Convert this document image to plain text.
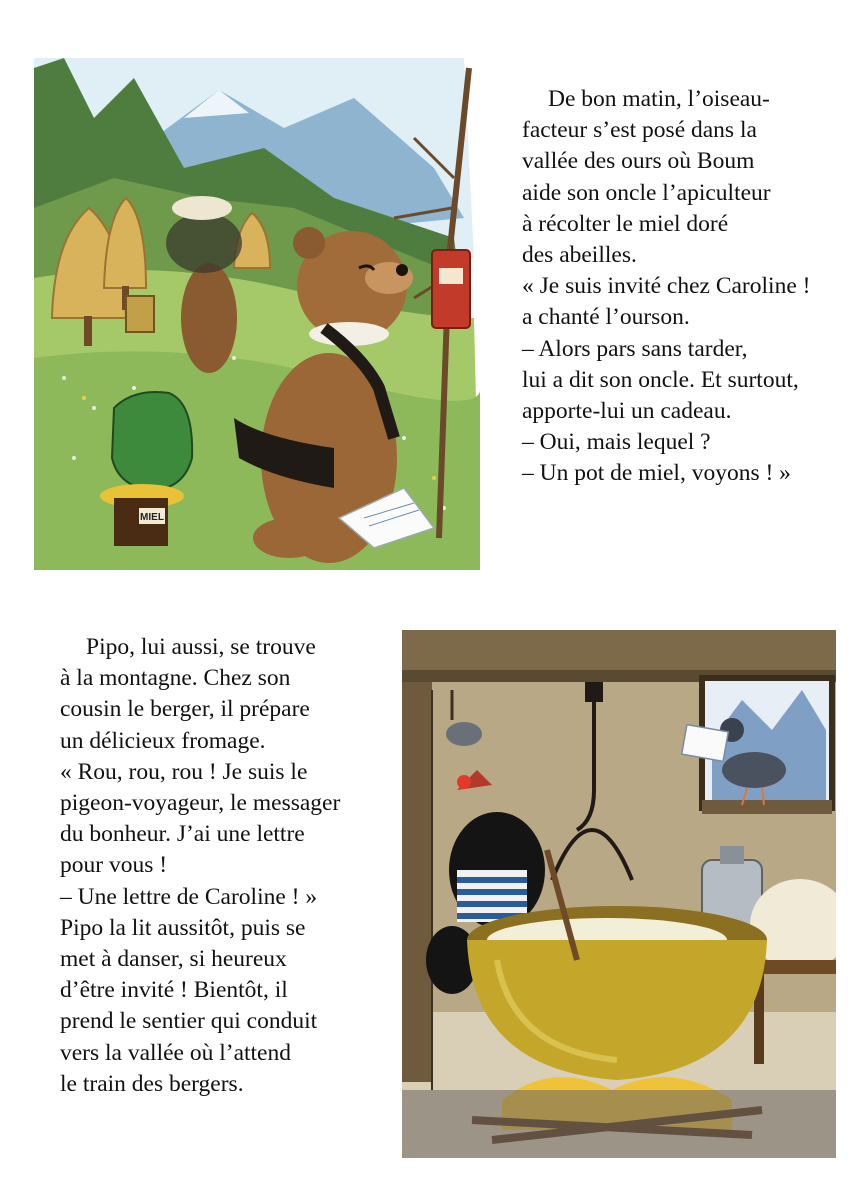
MIEL
De bon matin, l’oiseau-
facteur s’est posé dans la
vallée des ours où Boum
aide son oncle l’apiculteur
à récolter le miel doré
des abeilles.
« Je suis invité chez Caroline !
a chanté l’ourson.
– Alors pars sans tarder,
lui a dit son oncle. Et surtout,
apporte-lui un cadeau.
– Oui, mais lequel ?
– Un pot de miel, voyons ! »
Pipo, lui aussi, se trouve
à la montagne. Chez son
cousin le berger, il prépare
un délicieux fromage.
« Rou, rou, rou ! Je suis le
pigeon-voyageur, le messager
du bonheur. J’ai une lettre
pour vous !
– Une lettre de Caroline ! »
Pipo la lit aussitôt, puis se
met à danser, si heureux
d’être invité ! Bientôt, il
prend le sentier qui conduit
vers la vallée où l’attend
le train des bergers.
